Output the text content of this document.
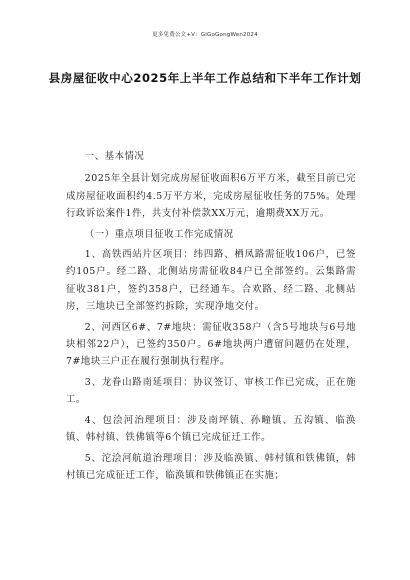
更多免费公文+V：GiGoGongWen2024
县房屋征收中心2025年上半年工作总结和下半年工作计划

一、基本情况

2025年全县计划完成房屋征收面积6万平方米，截至目前已完成房屋征收面积约4.5万平方米，完成房屋征收任务的75%。处理行政诉讼案件1件，共支付补偿款XX万元，逾期费XX万元。

（一）重点项目征收工作完成情况

1、高铁西站片区项目：纬四路、栖凤路需征收106户，已签约105户。经二路、北侧站房需征收84户已全部签约。云集路需征收381户，签约358户，已经通车。合欢路、经二路、北侧站房，三地块已全部签约拆除，实现净地交付。

2、河西区6#、7#地块：需征收358户（含5号地块与6号地块相邻22户），已签约350户。6#地块两户遭留问题仍在处理，7#地块三户正在履行强制执行程序。

3、龙眷山路南延项目：协议签订、审核工作已完成，正在施工。

4、包浍河治理项目：涉及南坪镇、孙疃镇、五沟镇、临涣镇、韩村镇、铁佛镇等6个镇已完成征迁工作。

5、沱浍河航道治理项目：涉及临涣镇、韩村镇和铁佛镇，韩村镇已完成征迁工作，临涣镇和铁佛镇正在实施；
